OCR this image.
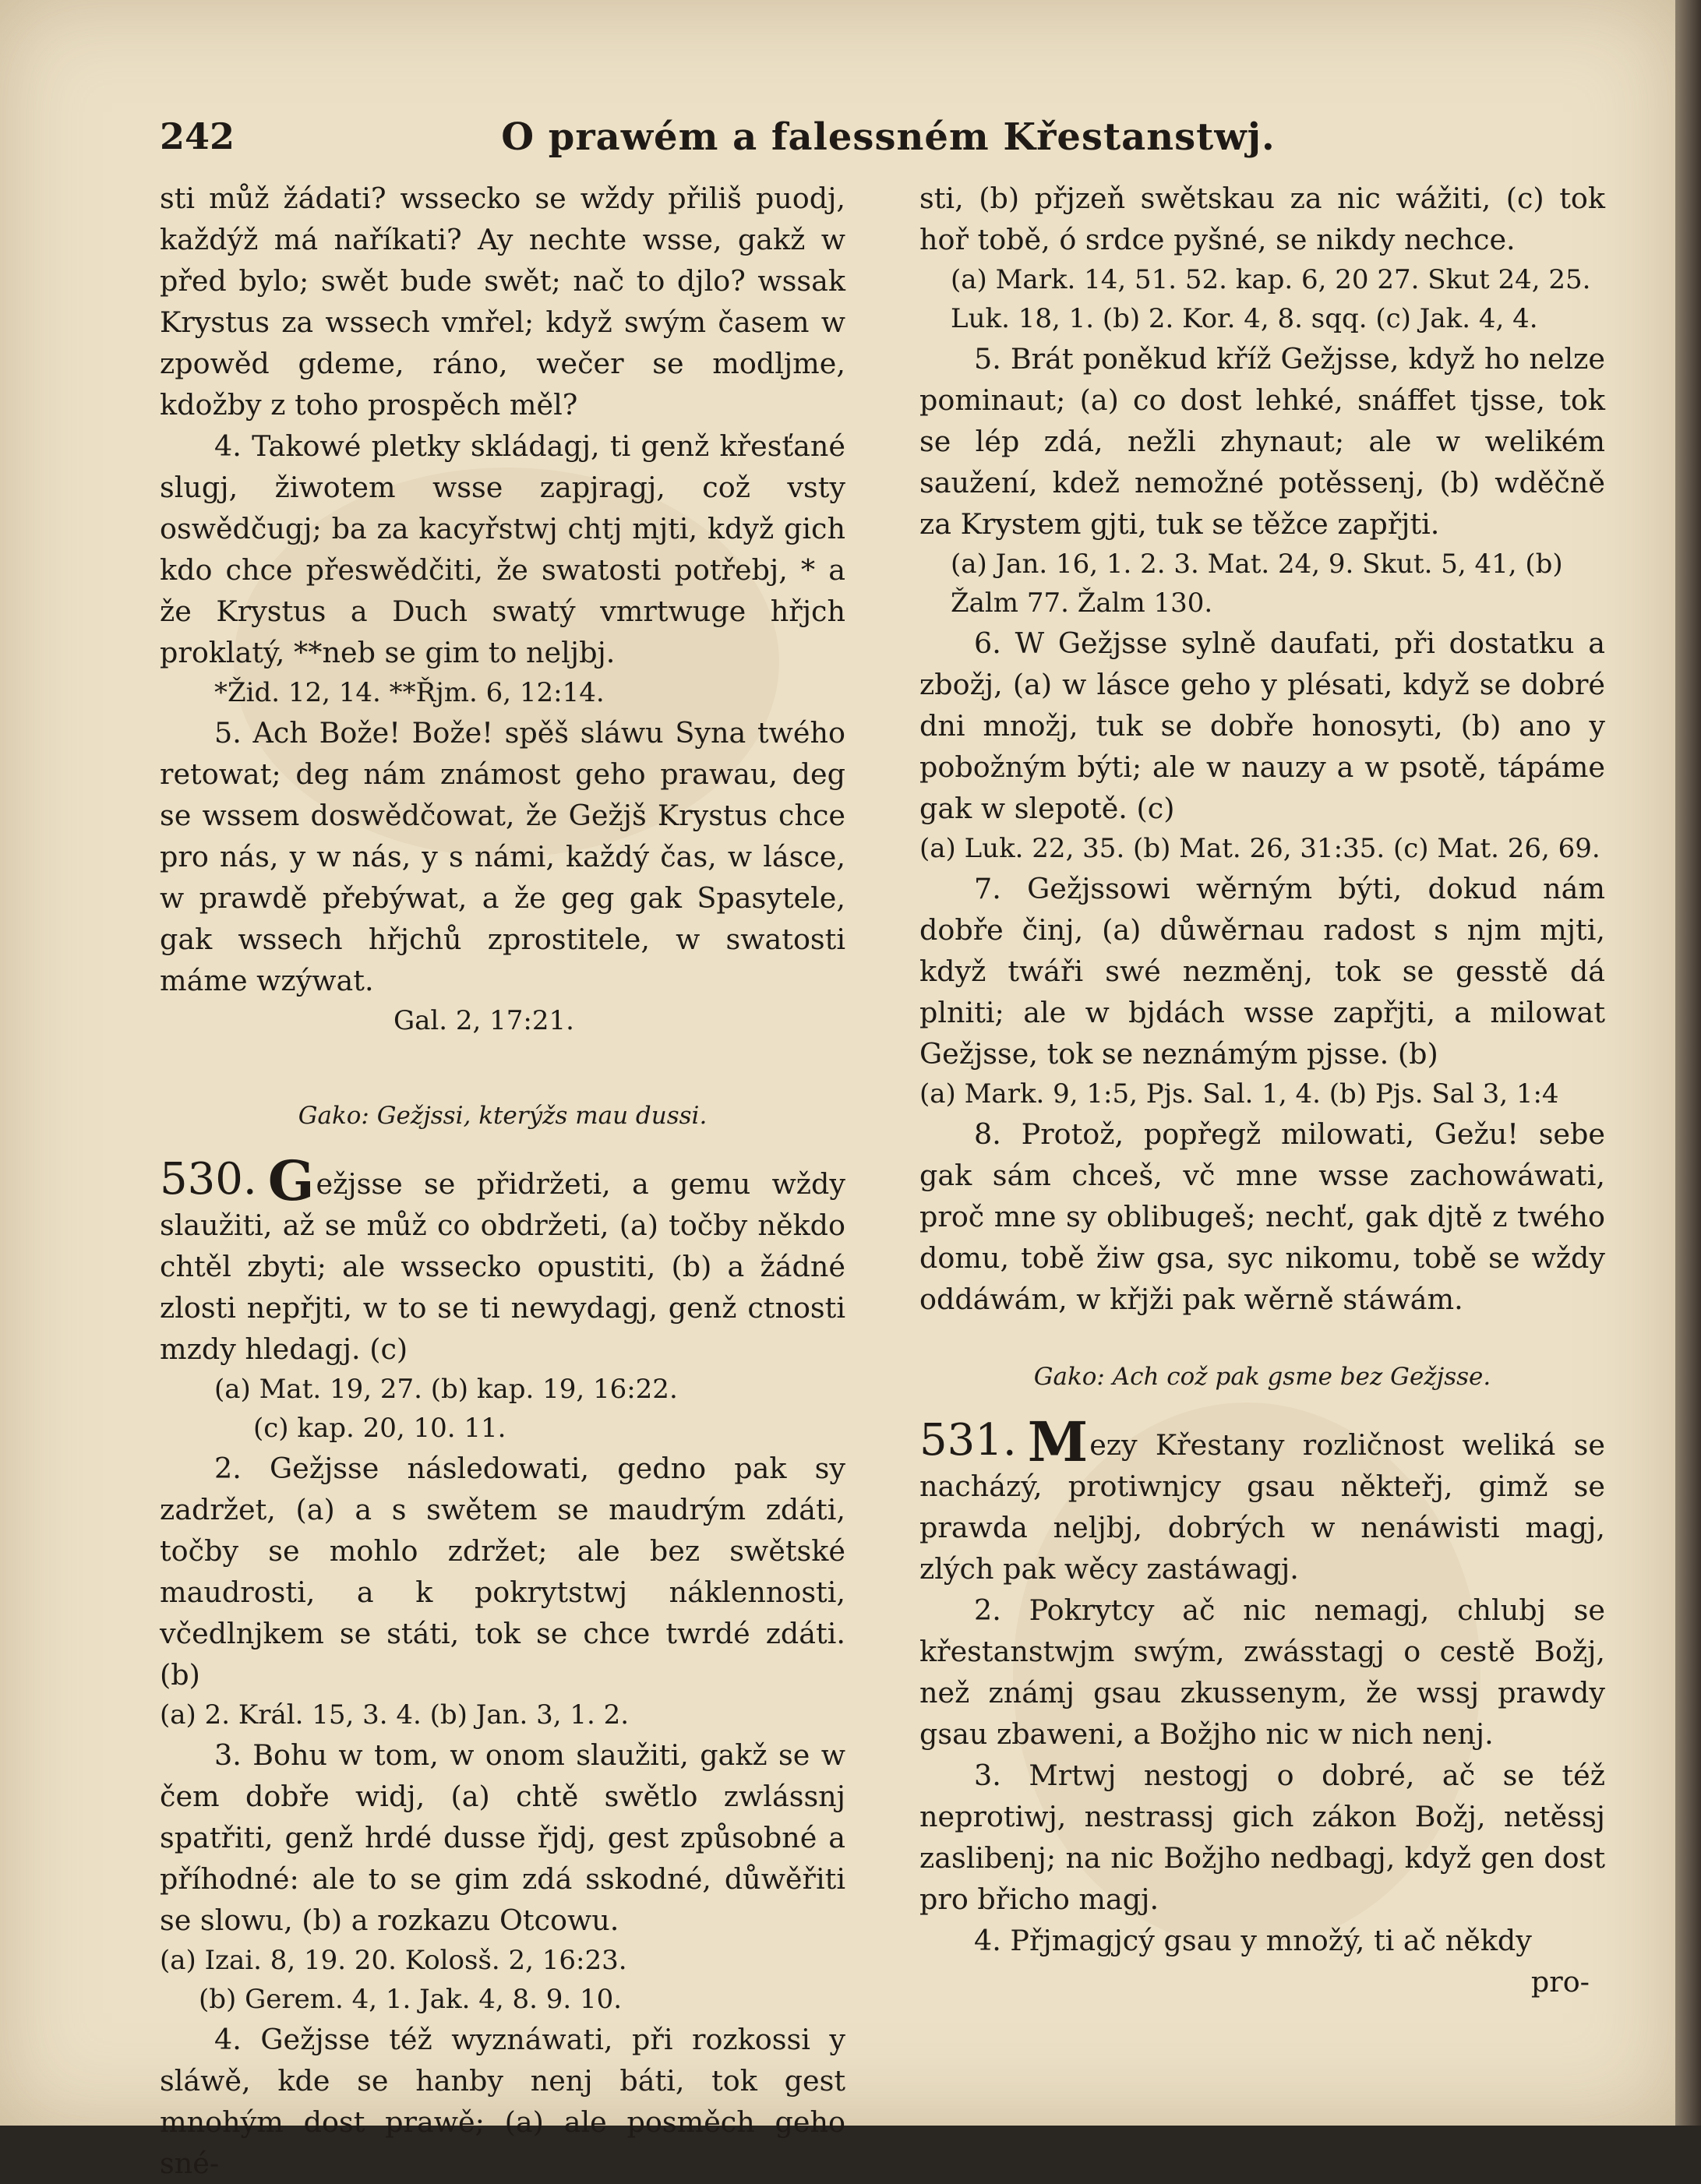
242	O prawém a falessném Křestanstwj.

sti můž žádati? wssecko se wždy přiliš puodj, každýž má naříkati? Ay nechte wsse, gakž w před bylo; swět bude swět; nač to djlo? wssak Krystus za wssech vmřel; když swým časem w zpowěd gdeme, ráno, wečer se modljme, kdožby z toho prospěch měl?

4. Takowé pletky skládagj, ti genž křesťané slugj, žiwotem wsse zapjragj, což vsty oswědčugj; ba za kacyřstwj chtj mjti, když gich kdo chce přeswědčiti, že swatosti potřebj, * a že Krystus a Duch swatý vmrtwuge hřjch proklatý, **neb se gim to neljbj.

*Žid. 12, 14. **Řjm. 6, 12:14.

5. Ach Bože! Bože! spěš sláwu Syna twého retowat; deg nám známost geho prawau, deg se wssem doswědčowat, že Gežjš Krystus chce pro nás, y w nás, y s námi, každý čas, w lásce, w prawdě přebýwat, a že geg gak Spasytele, gak wssech hřjchů zprostitele, w swatosti máme wzýwat.

Gal. 2, 17:21.

Gako: Gežjssi, kterýžs mau dussi.

530. Gežjsse se přidržeti, a gemu wždy slaužiti, až se můž co obdržeti, (a) točby někdo chtěl zbyti; ale wssecko opustiti, (b) a žádné zlosti nepřjti, w to se ti newydagj, genž ctnosti mzdy hledagj. (c)

(a) Mat. 19, 27. (b) kap. 19, 16:22.

(c) kap. 20, 10. 11.

2. Gežjsse následowati, gedno pak sy zadržet, (a) a s swětem se maudrým zdáti, točby se mohlo zdržet; ale bez swětské maudrosti, a k pokrytstwj náklennosti, včedlnjkem se státi, tok se chce twrdé zdáti. (b)

(a) 2. Král. 15, 3. 4. (b) Jan. 3, 1. 2.

3. Bohu w tom, w onom slaužiti, gakž se w čem dobře widj, (a) chtě swětlo zwlássnj spatřiti, genž hrdé dusse řjdj, gest způsobné a příhodné: ale to se gim zdá sskodné, důwěřiti se slowu, (b) a rozkazu Otcowu.

(a) Izai. 8, 19. 20. Kolosš. 2, 16:23.

(b) Gerem. 4, 1. Jak. 4, 8. 9. 10.

4. Gežjsse též wyznáwati, při rozkossi y sláwě, kde se hanby nenj báti, tok gest mnohým dost prawě; (a) ale posměch geho sné-

sti, (b) přjzeň swětskau za nic wážiti, (c) tok hoř tobě, ó srdce pyšné, se nikdy nechce.

(a) Mark. 14, 51. 52. kap. 6, 20 27. Skut 24, 25. Luk. 18, 1. (b) 2. Kor. 4, 8. sqq. (c) Jak. 4, 4.

5. Brát poněkud kříž Gežjsse, když ho nelze pominaut; (a) co dost lehké, snáffet tjsse, tok se lép zdá, nežli zhynaut; ale w welikém saužení, kdež nemožné potěssenj, (b) wděčně za Krystem gjti, tuk se těžce zapřjti.

(a) Jan. 16, 1. 2. 3. Mat. 24, 9. Skut. 5, 41, (b) Žalm 77. Žalm 130.

6. W Gežjsse sylně daufati, při dostatku a zbožj, (a) w lásce geho y plésati, když se dobré dni množj, tuk se dobře honosyti, (b) ano y pobožným býti; ale w nauzy a w psotě, tápáme gak w slepotě. (c)

(a) Luk. 22, 35. (b) Mat. 26, 31:35. (c) Mat. 26, 69.

7. Gežjssowi wěrným býti, dokud nám dobře činj, (a) důwěrnau radost s njm mjti, když twáři swé nezměnj, tok se gesstě dá plniti; ale w bjdách wsse zapřjti, a milowat Gežjsse, tok se neznámým pjsse. (b)

(a) Mark. 9, 1:5, Pjs. Sal. 1, 4. (b) Pjs. Sal 3, 1:4

8. Protož, popřegž milowati, Gežu! sebe gak sám chceš, vč mne wsse zachowáwati, proč mne sy oblibugeš; nechť, gak djtě z twého domu, tobě žiw gsa, syc nikomu, tobě se wždy oddáwám, w křjži pak wěrně stáwám.

Gako: Ach což pak gsme bez Gežjsse.

531. Mezy Křestany rozličnost weliká se nacházý, protiwnjcy gsau někteřj, gimž se prawda neljbj, dobrých w nenáwisti magj, zlých pak wěcy zastáwagj.

2. Pokrytcy ač nic nemagj, chlubj se křestanstwjm swým, zwásstagj o cestě Božj, než známj gsau zkussenym, že wssj prawdy gsau zbaweni, a Božjho nic w nich nenj.

3. Mrtwj nestogj o dobré, ač se též neprotiwj, nestrassj gich zákon Božj, netěssj zaslibenj; na nic Božjho nedbagj, když gen dost pro břicho magj.

4. Přjmagjcý gsau y množý, ti ač někdy

pro-
